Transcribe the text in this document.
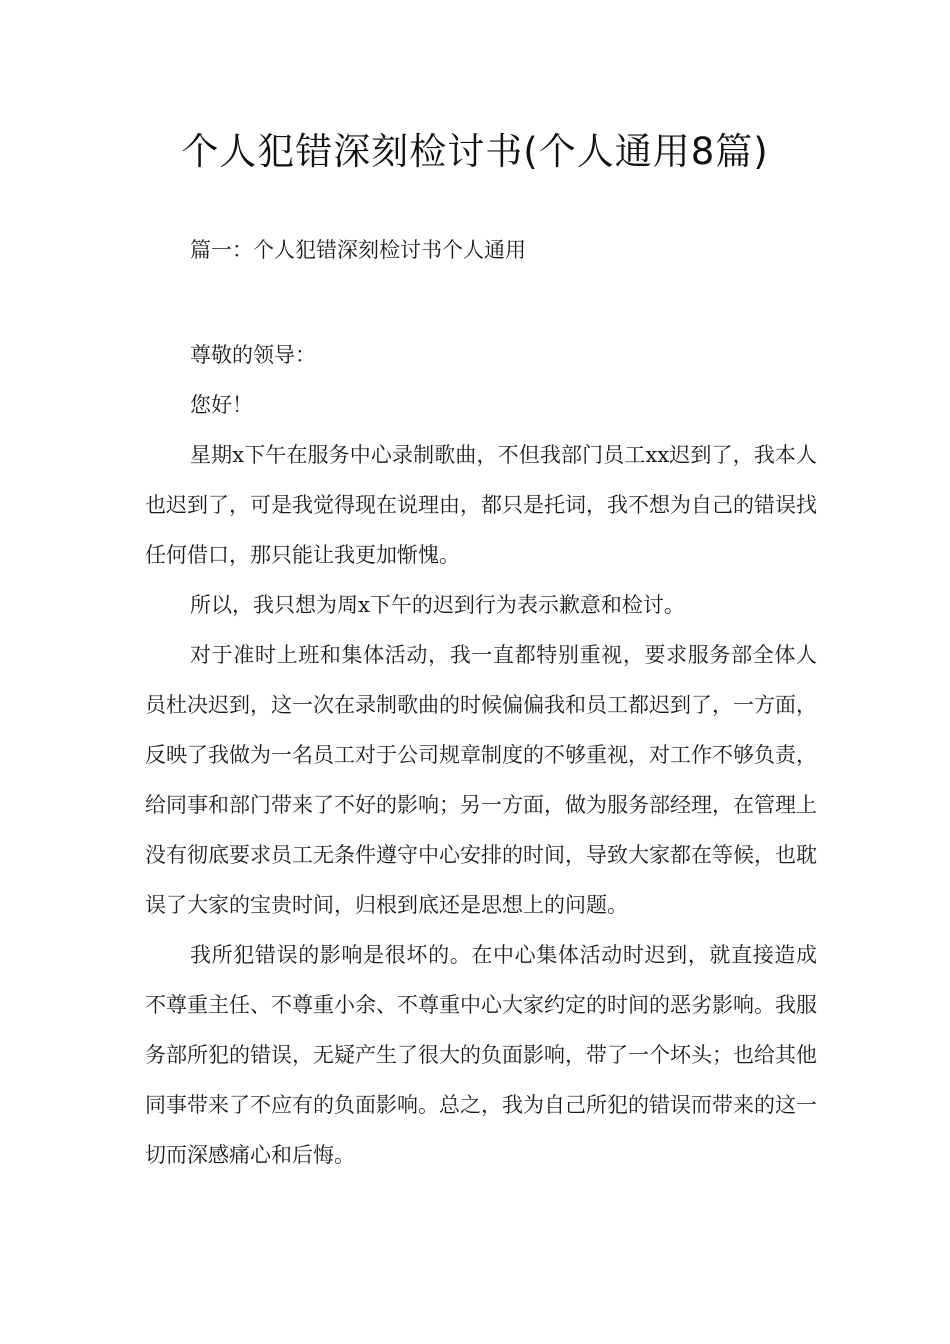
个人犯错深刻检讨书(个人通用8篇)
篇一：个人犯错深刻检讨书个人通用

尊敬的领导：

您好！

星期x下午在服务中心录制歌曲，不但我部门员工xx迟到了，我本人也迟到了，可是我觉得现在说理由，都只是托词，我不想为自己的错误找任何借口，那只能让我更加惭愧。

所以，我只想为周x下午的迟到行为表示歉意和检讨。

对于准时上班和集体活动，我一直都特别重视，要求服务部全体人员杜决迟到，这一次在录制歌曲的时候偏偏我和员工都迟到了，一方面，反映了我做为一名员工对于公司规章制度的不够重视，对工作不够负责，给同事和部门带来了不好的影响；另一方面，做为服务部经理，在管理上没有彻底要求员工无条件遵守中心安排的时间，导致大家都在等候，也耽误了大家的宝贵时间，归根到底还是思想上的问题。

我所犯错误的影响是很坏的。在中心集体活动时迟到，就直接造成不尊重主任、不尊重小余、不尊重中心大家约定的时间的恶劣影响。我服务部所犯的错误，无疑产生了很大的负面影响，带了一个坏头；也给其他同事带来了不应有的负面影响。总之，我为自己所犯的错误而带来的这一切而深感痛心和后悔。
